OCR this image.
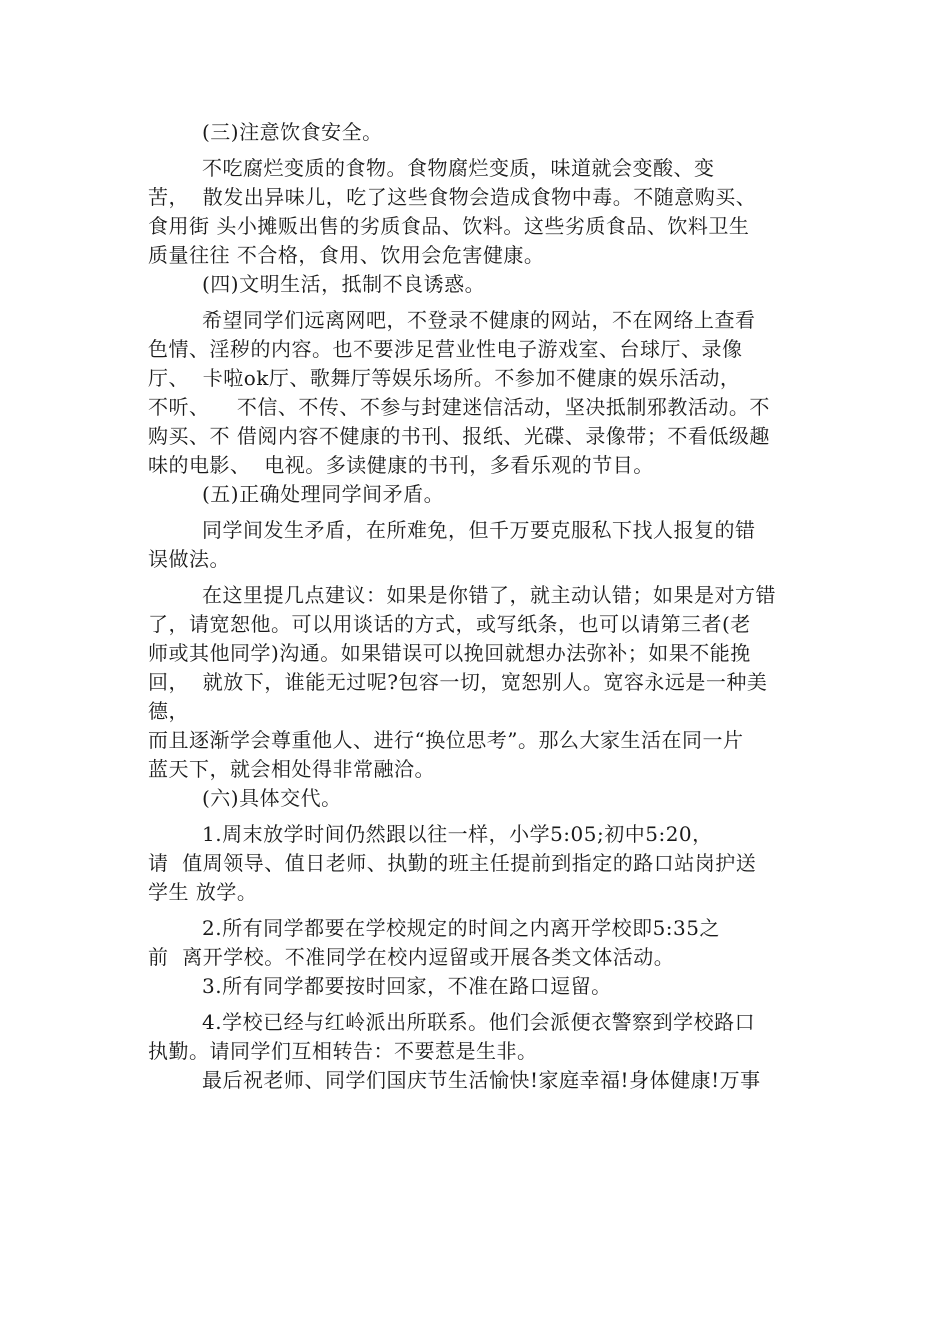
(三)注意饮食安全。
不吃腐烂变质的食物。食物腐烂变质，味道就会变酸、变
苦，  散发出异味儿，吃了这些食物会造成食物中毒。不随意购买、
食用街 头小摊贩出售的劣质食品、饮料。这些劣质食品、饮料卫生
质量往往 不合格，食用、饮用会危害健康。
(四)文明生活，抵制不良诱惑。
希望同学们远离网吧，不登录不健康的网站，不在网络上查看
色情、淫秽的内容。也不要涉足营业性电子游戏室、台球厅、录像
厅、  卡啦ok厅、歌舞厅等娱乐场所。不参加不健康的娱乐活动，
不听、    不信、不传、不参与封建迷信活动，坚决抵制邪教活动。不
购买、不 借阅内容不健康的书刊、报纸、光碟、录像带；不看低级趣
味的电影、  电视。多读健康的书刊，多看乐观的节目。
(五)正确处理同学间矛盾。
同学间发生矛盾，在所难免，但千万要克服私下找人报复的错
误做法。
在这里提几点建议：如果是你错了，就主动认错；如果是对方错
了，请宽恕他。可以用谈话的方式，或写纸条，也可以请第三者(老
师或其他同学)沟通。如果错误可以挽回就想办法弥补；如果不能挽
回，  就放下，谁能无过呢?包容一切，宽恕别人。宽容永远是一种美
德，
而且逐渐学会尊重他人、进行“换位思考”。那么大家生活在同一片
蓝天下，就会相处得非常融洽。
(六)具体交代。
1.周末放学时间仍然跟以往一样，小学5:05;初中5:20，
请  值周领导、值日老师、执勤的班主任提前到指定的路口站岗护送
学生 放学。
2.所有同学都要在学校规定的时间之内离开学校即5:35之
前  离开学校。不准同学在校内逗留或开展各类文体活动。
3.所有同学都要按时回家，不准在路口逗留。
4.学校已经与红岭派出所联系。他们会派便衣警察到学校路口
执勤。请同学们互相转告：不要惹是生非。
最后祝老师、同学们国庆节生活愉快!家庭幸福!身体健康!万事
